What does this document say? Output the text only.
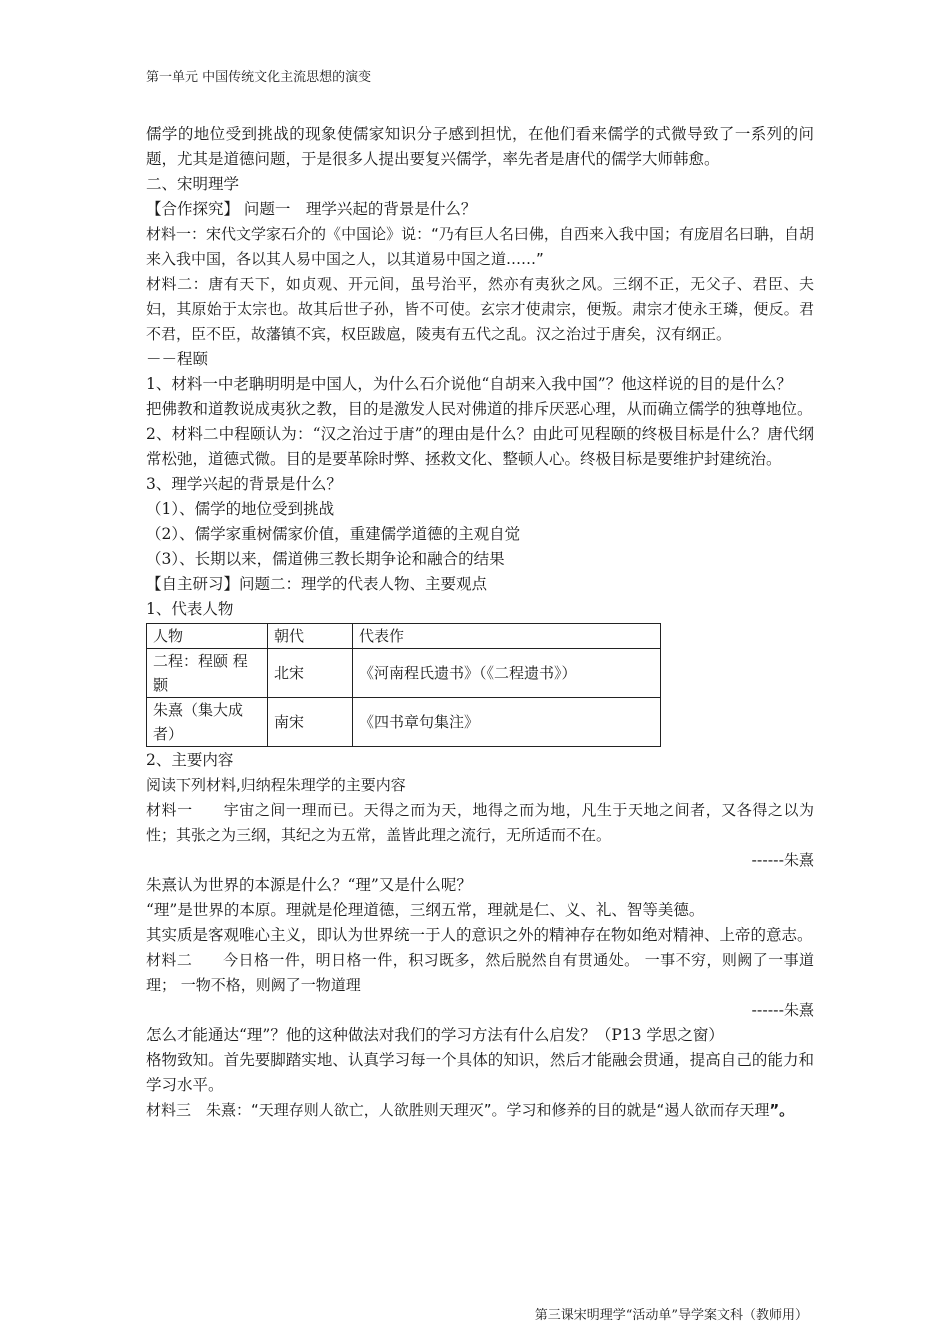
第一单元 中国传统文化主流思想的演变

儒学的地位受到挑战的现象使儒家知识分子感到担忧，在他们看来儒学的式微导致了一系列的问题，尤其是道德问题，于是很多人提出要复兴儒学，率先者是唐代的儒学大师韩愈。

二、宋明理学

【合作探究】 问题一　理学兴起的背景是什么？

材料一：宋代文学家石介的《中国论》说：“乃有巨人名曰佛，自西来入我中国；有庞眉名曰聃，自胡来入我中国，各以其人易中国之人，以其道易中国之道……”

材料二：唐有天下，如贞观、开元间，虽号治平，然亦有夷狄之风。三纲不正，无父子、君臣、夫妇，其原始于太宗也。故其后世子孙，皆不可使。玄宗才使肃宗，便叛。肃宗才使永王璘，便反。君不君，臣不臣，故藩镇不宾，权臣跋扈，陵夷有五代之乱。汉之治过于唐矣，汉有纲正。

－－程颐

1、材料一中老聃明明是中国人，为什么石介说他“自胡来入我中国”？他这样说的目的是什么？

把佛教和道教说成夷狄之教，目的是激发人民对佛道的排斥厌恶心理，从而确立儒学的独尊地位。

2、材料二中程颐认为：“汉之治过于唐”的理由是什么？由此可见程颐的终极目标是什么？唐代纲常松弛，道德式微。目的是要革除时弊、拯救文化、整顿人心。终极目标是要维护封建统治。

3、理学兴起的背景是什么？

（1）、儒学的地位受到挑战

（2）、儒学家重树儒家价值，重建儒学道德的主观自觉

（3）、长期以来，儒道佛三教长期争论和融合的结果

【自主研习】问题二：理学的代表人物、主要观点

1、代表人物

人物	朝代	代表作
二程：程颐 程颢	北宋	《河南程氏遗书》（《二程遗书》）
朱熹（集大成者）	南宋	《四书章句集注》

2、主要内容

阅读下列材料,归纳程朱理学的主要内容

材料一　　宇宙之间一理而已。天得之而为天，地得之而为地，凡生于天地之间者，又各得之以为性；其张之为三纲，其纪之为五常，盖皆此理之流行，无所适而不在。

------朱熹

朱熹认为世界的本源是什么？“理”又是什么呢？

“理”是世界的本原。理就是伦理道德，三纲五常，理就是仁、义、礼、智等美德。

其实质是客观唯心主义，即认为世界统一于人的意识之外的精神存在物如绝对精神、上帝的意志。

材料二　　今日格一件，明日格一件，积习既多，然后脱然自有贯通处。 一事不穷，则阙了一事道理； 一物不格，则阙了一物道理

------朱熹

怎么才能通达“理”？他的这种做法对我们的学习方法有什么启发？（P13 学思之窗）

格物致知。首先要脚踏实地、认真学习每一个具体的知识，然后才能融会贯通，提高自己的能力和学习水平。

材料三　朱熹：“天理存则人欲亡，人欲胜则天理灭”。学习和修养的目的就是“遏人欲而存天理”。

第三课宋明理学“活动单”导学案文科（教师用）
